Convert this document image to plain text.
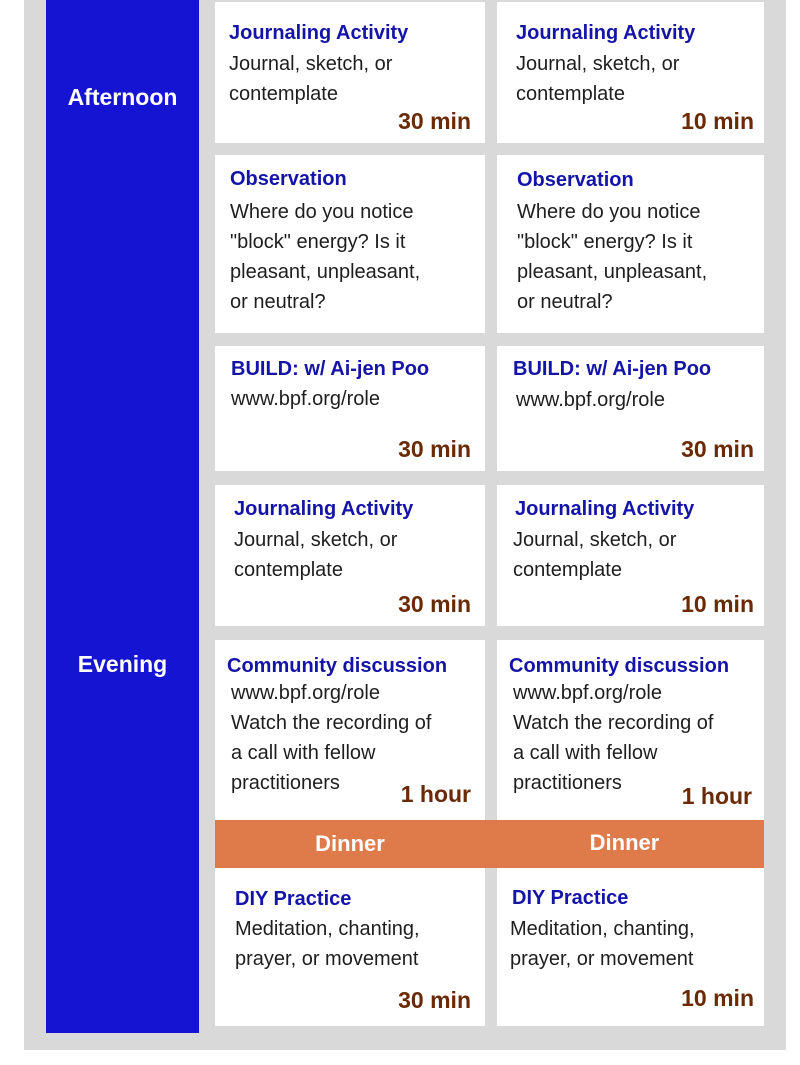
Afternoon
Evening
Journaling Activity
Journal, sketch, or
contemplate
30 min
Observation
Where do you notice
"block" energy? Is it
pleasant, unpleasant,
or neutral?
BUILD: w/ Ai-jen Poo
www.bpf.org/role
30 min
Journaling Activity
Journal, sketch, or
contemplate
30 min
Community discussion
www.bpf.org/role
Watch the recording of
a call with fellow
practitioners	1 hour
Dinner
DIY Practice
Meditation, chanting,
prayer, or movement
30 min
Journaling Activity
Journal, sketch, or
contemplate
10 min
Observation
Where do you notice
"block" energy? Is it
pleasant, unpleasant,
or neutral?
BUILD: w/ Ai-jen Poo
www.bpf.org/role
30 min
Journaling Activity
Journal, sketch, or
contemplate
10 min
Community discussion
www.bpf.org/role
Watch the recording of
a call with fellow
practitioners	1 hour
Dinner
DIY Practice
Meditation, chanting,
prayer, or movement
10 min
